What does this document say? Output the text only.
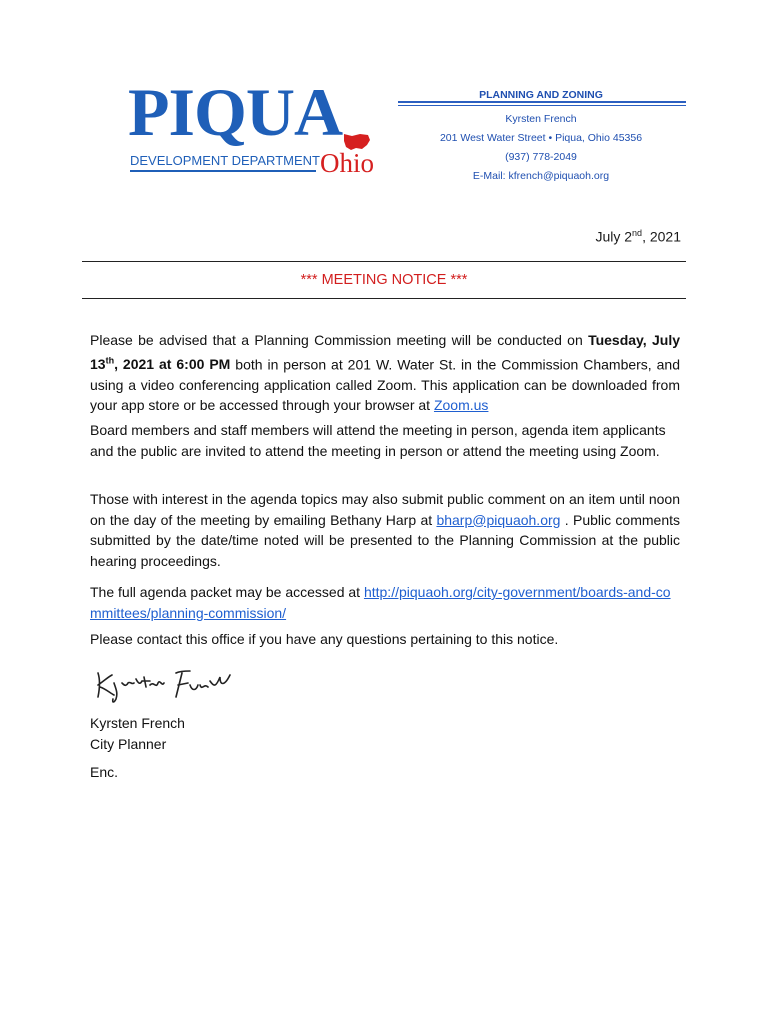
PIQUA
DEVELOPMENT DEPARTMENT Ohio
PLANNING AND ZONING
Kyrsten French
201 West Water Street • Piqua, Ohio 45356
(937) 778-2049
E-Mail: kfrench@piquaoh.org
July 2nd, 2021
*** MEETING NOTICE ***
Please be advised that a Planning Commission meeting will be conducted on Tuesday, July 13th, 2021 at 6:00 PM both in person at 201 W. Water St. in the Commission Chambers, and using a video conferencing application called Zoom. This application can be downloaded from your app store or be accessed through your browser at Zoom.us
Board members and staff members will attend the meeting in person, agenda item applicants and the public are invited to attend the meeting in person or attend the meeting using Zoom.
Those with interest in the agenda topics may also submit public comment on an item until noon on the day of the meeting by emailing Bethany Harp at bharp@piquaoh.org . Public comments submitted by the date/time noted will be presented to the Planning Commission at the public hearing proceedings.
The full agenda packet may be accessed at http://piquaoh.org/city-government/boards-and-committees/planning-commission/
Please contact this office if you have any questions pertaining to this notice.
Kyrsten French
City Planner
Enc.
